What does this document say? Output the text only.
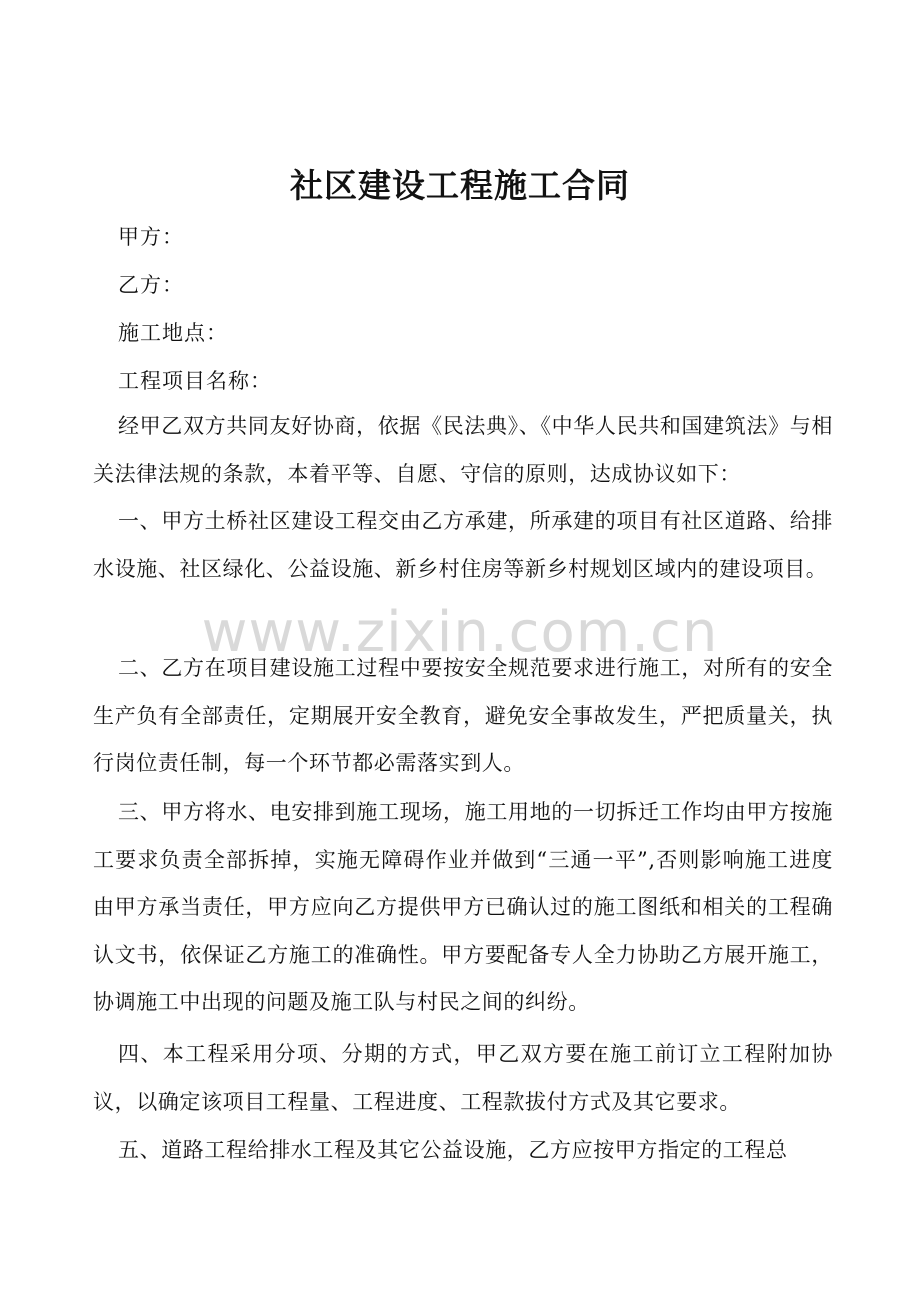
社区建设工程施工合同

甲方：

乙方：

施工地点：

工程项目名称：

经甲乙双方共同友好协商，依据《民法典》、《中华人民共和国建筑法》与相关法律法规的条款，本着平等、自愿、守信的原则，达成协议如下：

一、甲方土桥社区建设工程交由乙方承建，所承建的项目有社区道路、给排水设施、社区绿化、公益设施、新乡村住房等新乡村规划区域内的建设项目。

二、乙方在项目建设施工过程中要按安全规范要求进行施工，对所有的安全生产负有全部责任，定期展开安全教育，避免安全事故发生，严把质量关，执行岗位责任制，每一个环节都必需落实到人。

三、甲方将水、电安排到施工现场，施工用地的一切拆迁工作均由甲方按施工要求负责全部拆掉，实施无障碍作业并做到“三通一平”,否则影响施工进度由甲方承当责任，甲方应向乙方提供甲方已确认过的施工图纸和相关的工程确认文书，依保证乙方施工的准确性。甲方要配备专人全力协助乙方展开施工，协调施工中出现的问题及施工队与村民之间的纠纷。

四、本工程采用分项、分期的方式，甲乙双方要在施工前订立工程附加协议，以确定该项目工程量、工程进度、工程款拔付方式及其它要求。

五、道路工程给排水工程及其它公益设施，乙方应按甲方指定的工程总

www.zixin.com.cn
